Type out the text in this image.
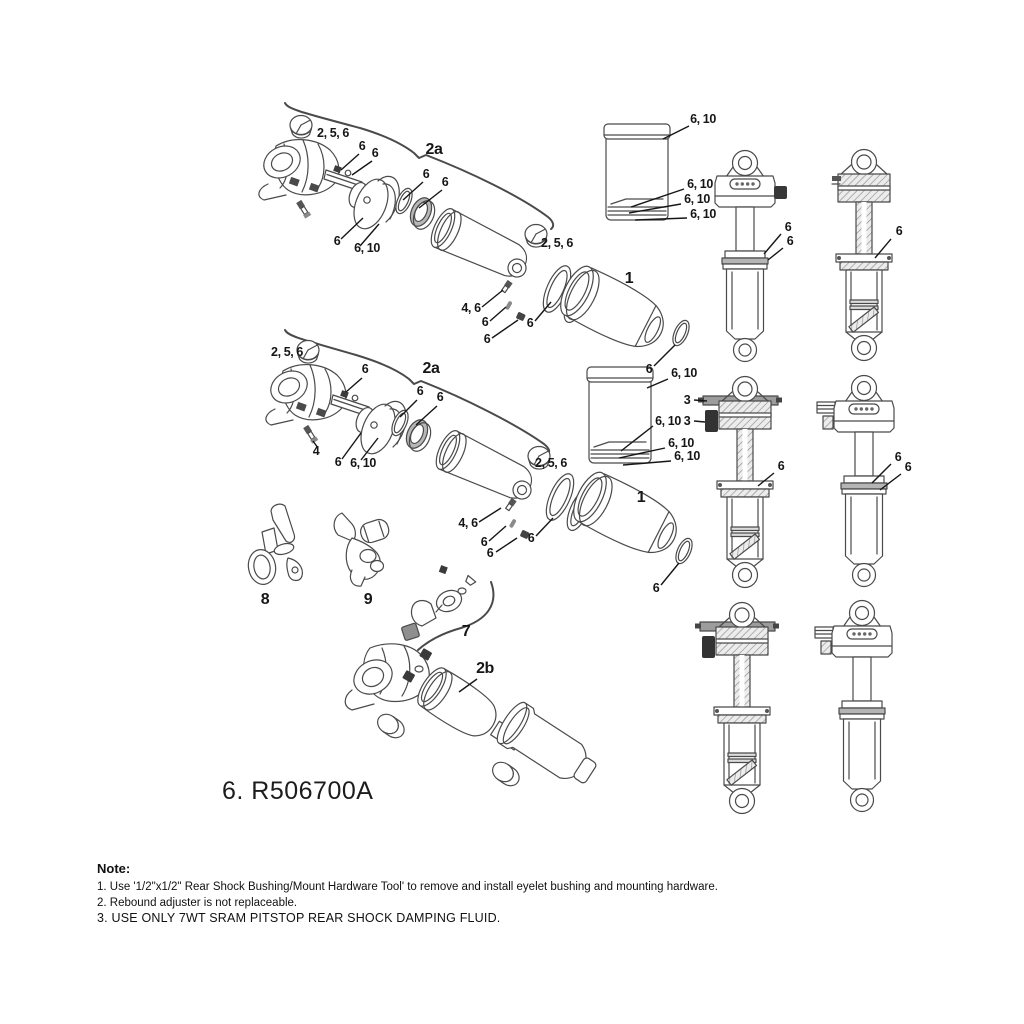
6. R506700A
2, 5, 6
6 6	2a
6
6
6 6, 10	2, 5, 6
4, 6
6
6
6
6, 10
6, 10
6, 10
6, 10
1
6
6
6
6
2, 5, 6
6	2a
6 6
4
6 6, 10	2, 5, 6
4, 6
6
6
6
6, 10
6, 10
6, 10
6, 10
1
6
3
3
6
6
6
8	9
7
2b
Note:
1. Use '1/2"x1/2" Rear Shock Bushing/Mount Hardware Tool' to remove and install eyelet bushing and mounting hardware.
2. Rebound adjuster is not replaceable.
3. USE ONLY 7WT SRAM PITSTOP REAR SHOCK DAMPING FLUID.
